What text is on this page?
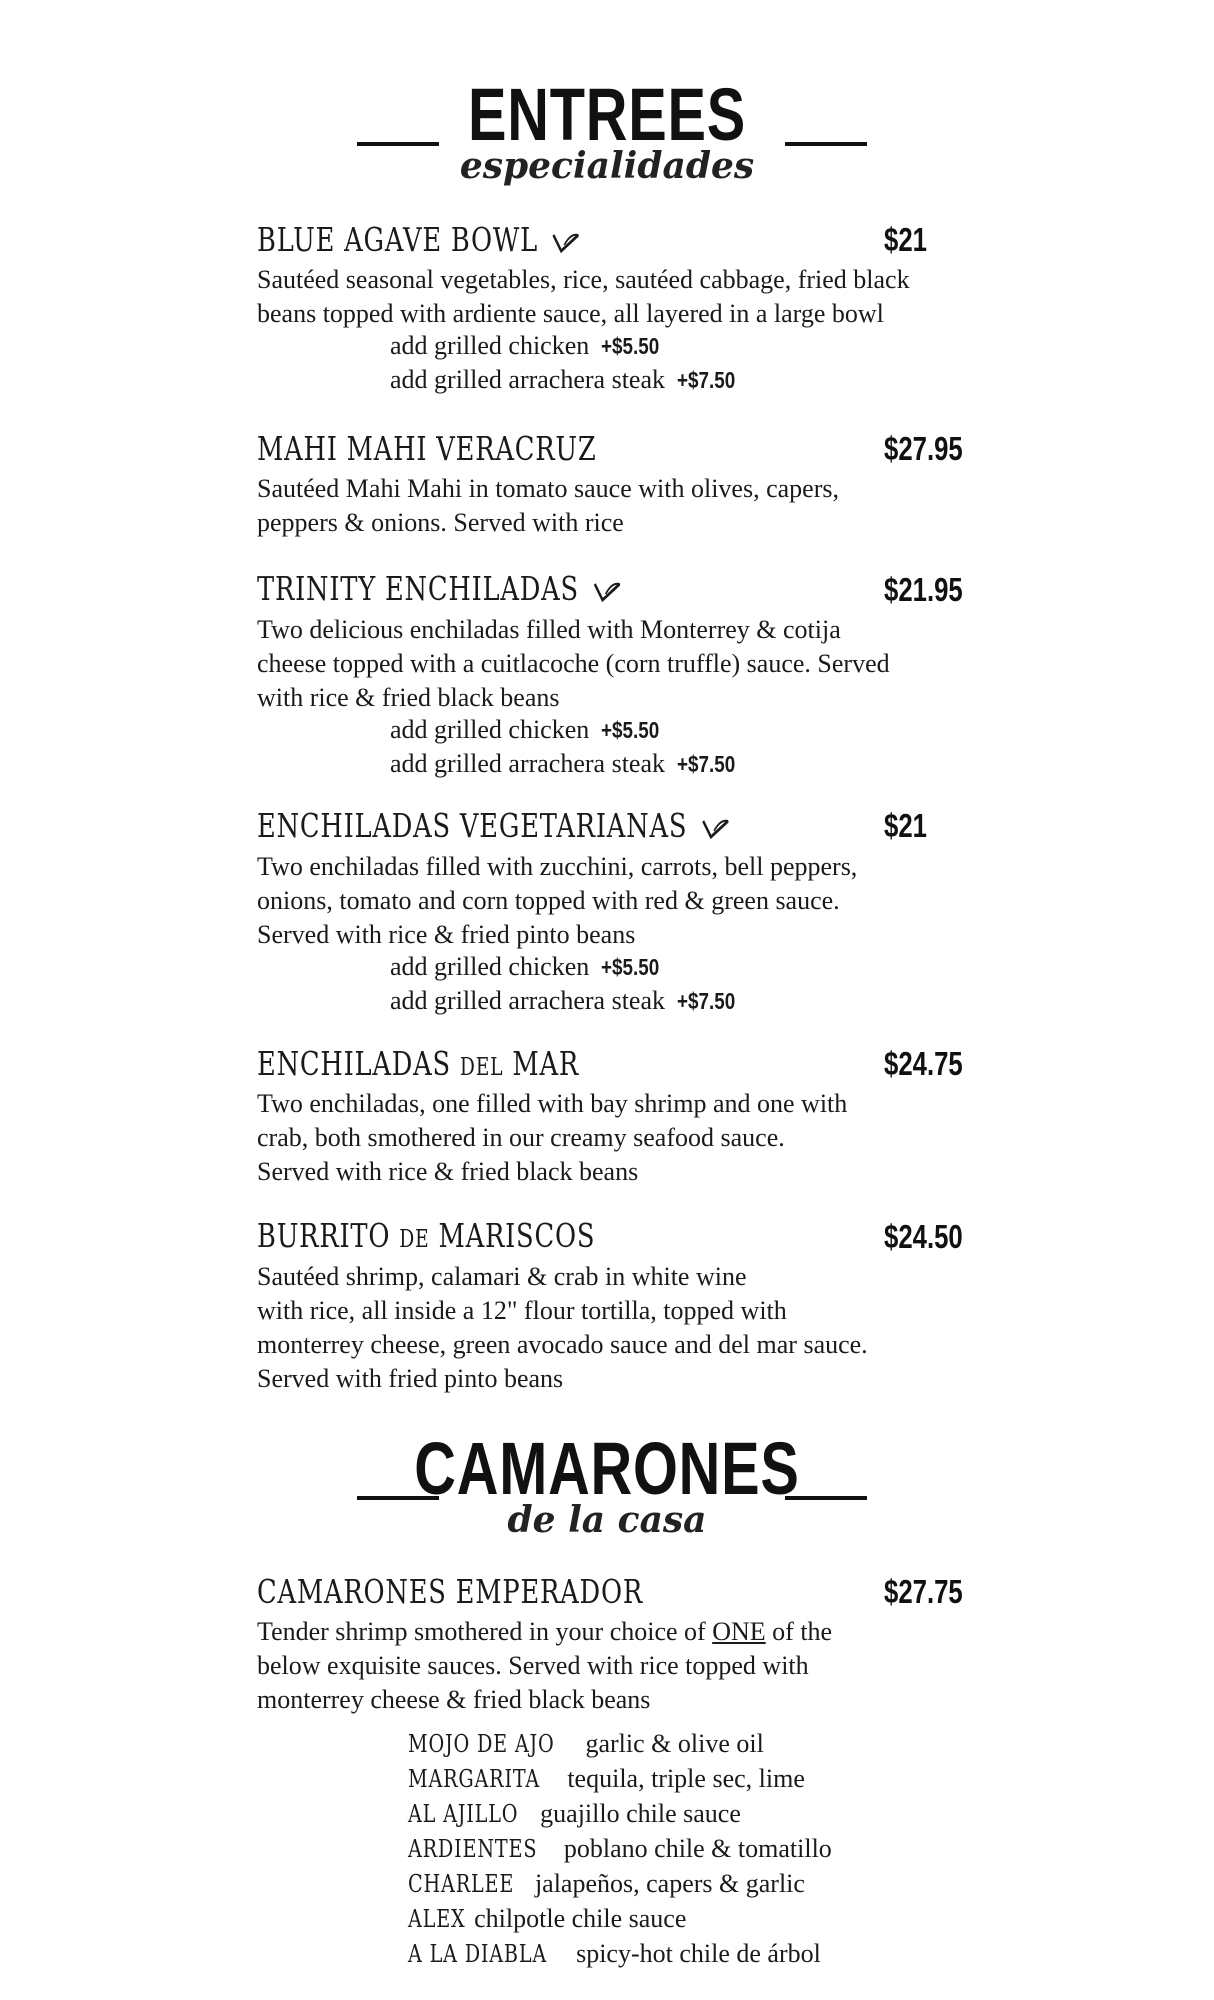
ENTREES
especialidades
BLUE AGAVE BOWL	$21
Sautéed seasonal vegetables, rice, sautéed cabbage, fried black
beans topped with ardiente sauce, all layered in a large bowl
add grilled chicken +$5.50
add grilled arrachera steak +$7.50
MAHI MAHI VERACRUZ	$27.95
Sautéed Mahi Mahi in tomato sauce with olives, capers,
peppers & onions. Served with rice
TRINITY ENCHILADAS	$21.95
Two delicious enchiladas filled with Monterrey & cotija
cheese topped with a cuitlacoche (corn truffle) sauce. Served
with rice & fried black beans
add grilled chicken +$5.50
add grilled arrachera steak +$7.50
ENCHILADAS VEGETARIANAS	$21
Two enchiladas filled with zucchini, carrots, bell peppers,
onions, tomato and corn topped with red & green sauce.
Served with rice & fried pinto beans
add grilled chicken +$5.50
add grilled arrachera steak +$7.50
ENCHILADAS DEL MAR	$24.75
Two enchiladas, one filled with bay shrimp and one with
crab, both smothered in our creamy seafood sauce.
Served with rice & fried black beans
BURRITO DE MARISCOS	$24.50
Sautéed shrimp, calamari & crab in white wine
with rice, all inside a 12" flour tortilla, topped with
monterrey cheese, green avocado sauce and del mar sauce.
Served with fried pinto beans
CAMARONES
de la casa
CAMARONES EMPERADOR	$27.75
Tender shrimp smothered in your choice of ONE of the
below exquisite sauces. Served with rice topped with
monterrey cheese & fried black beans
MOJO DE AJO garlic & olive oil
MARGARITA tequila, triple sec, lime
AL AJILLO guajillo chile sauce
ARDIENTES poblano chile & tomatillo
CHARLEE jalapeños, capers & garlic
ALEX chilpotle chile sauce
A LA DIABLA spicy-hot chile de árbol
